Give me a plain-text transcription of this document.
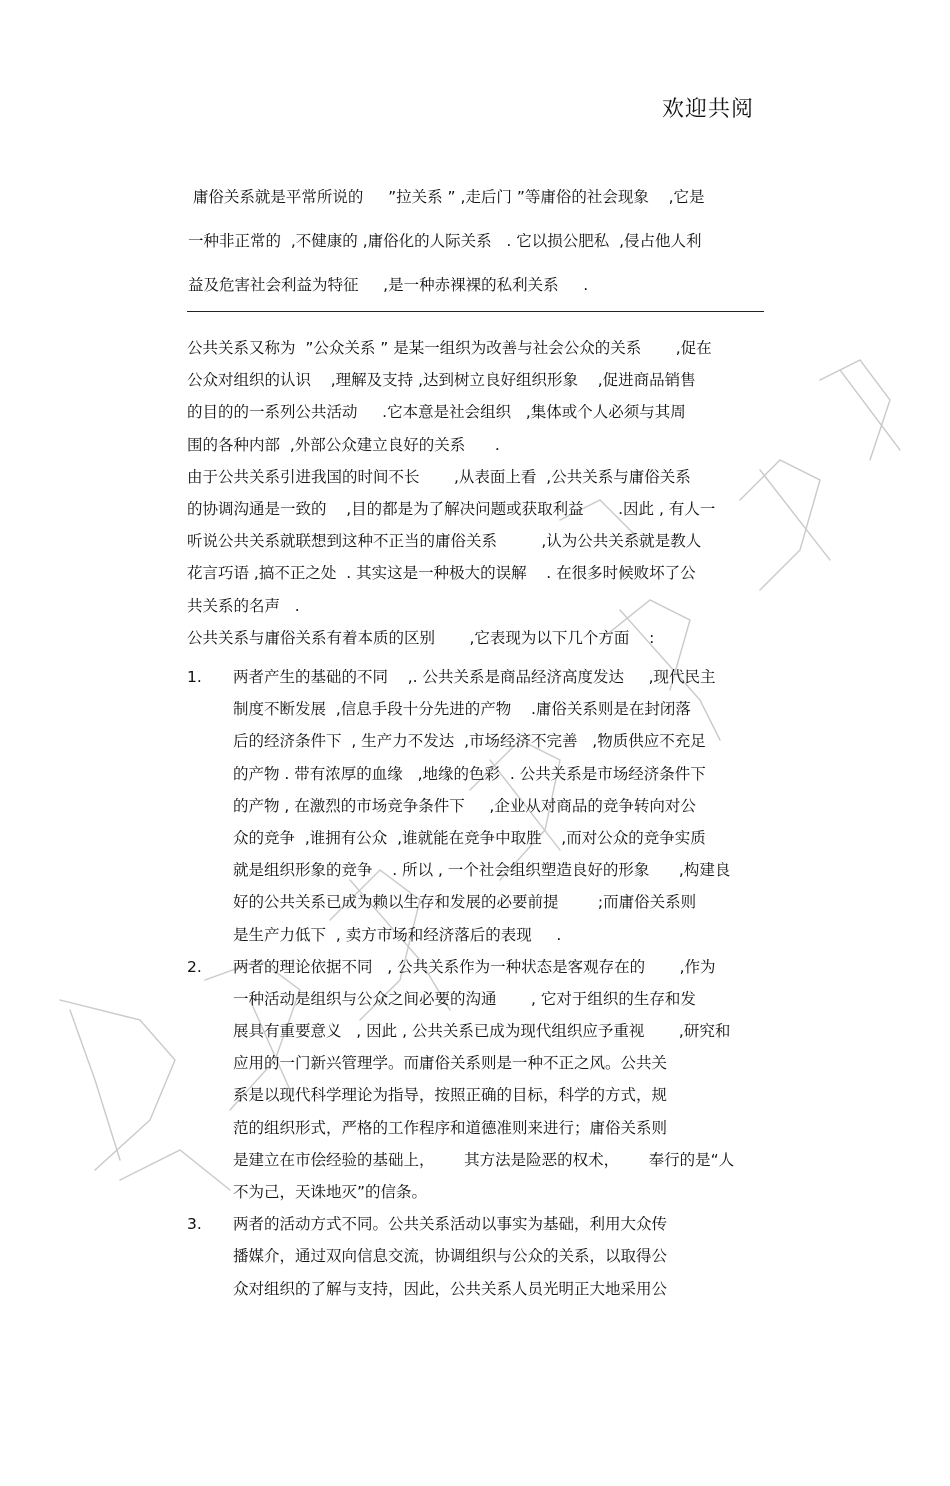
欢迎共阅
庸俗关系就是平常所说的     ”拉关系 ” ,走后门 ”等庸俗的社会现象    ,它是
一种非正常的  ,不健康的 ,庸俗化的人际关系   . 它以损公肥私  ,侵占他人利
益及危害社会利益为特征     ,是一种赤裸裸的私利关系     .
公共关系又称为  ”公众关系 ” 是某一组织为改善与社会公众的关系       ,促在
公众对组织的认识    ,理解及支持 ,达到树立良好组织形象    ,促进商品销售
的目的的一系列公共活动     .它本意是社会组织   ,集体或个人必须与其周
围的各种内部  ,外部公众建立良好的关系      .
由于公共关系引进我国的时间不长       ,从表面上看  ,公共关系与庸俗关系
的协调沟通是一致的    ,目的都是为了解决问题或获取利益       .因此 , 有人一
听说公共关系就联想到这种不正当的庸俗关系         ,认为公共关系就是教人
花言巧语 ,搞不正之处  . 其实这是一种极大的误解    . 在很多时候败坏了公
共关系的名声   .
公共关系与庸俗关系有着本质的区别       ,它表现为以下几个方面    :
1.	两者产生的基础的不同    ,. 公共关系是商品经济高度发达     ,现代民主
制度不断发展  ,信息手段十分先进的产物    .庸俗关系则是在封闭落
后的经济条件下  , 生产力不发达  ,市场经济不完善   ,物质供应不充足
的产物 . 带有浓厚的血缘   ,地缘的色彩  . 公共关系是市场经济条件下
的产物 , 在激烈的市场竞争条件下     ,企业从对商品的竞争转向对公
众的竞争  ,谁拥有公众  ,谁就能在竞争中取胜    ,而对公众的竞争实质
就是组织形象的竞争    . 所以 , 一个社会组织塑造良好的形象      ,构建良
好的公共关系已成为赖以生存和发展的必要前提        ;而庸俗关系则
是生产力低下  , 卖方市场和经济落后的表现     .
2.	两者的理论依据不同   , 公共关系作为一种状态是客观存在的       ,作为
一种活动是组织与公众之间必要的沟通       , 它对于组织的生存和发
展具有重要意义   , 因此 , 公共关系已成为现代组织应予重视       ,研究和
应用的一门新兴管理学。而庸俗关系则是一种不正之风。公共关
系是以现代科学理论为指导，按照正确的目标，科学的方式，规
范的组织形式，严格的工作程序和道德准则来进行；庸俗关系则
是建立在市侩经验的基础上，      其方法是险恶的权术，      奉行的是“人
不为己，天诛地灭”的信条。
3.	两者的活动方式不同。公共关系活动以事实为基础，利用大众传
播媒介，通过双向信息交流，协调组织与公众的关系，以取得公
众对组织的了解与支持，因此，公共关系人员光明正大地采用公
